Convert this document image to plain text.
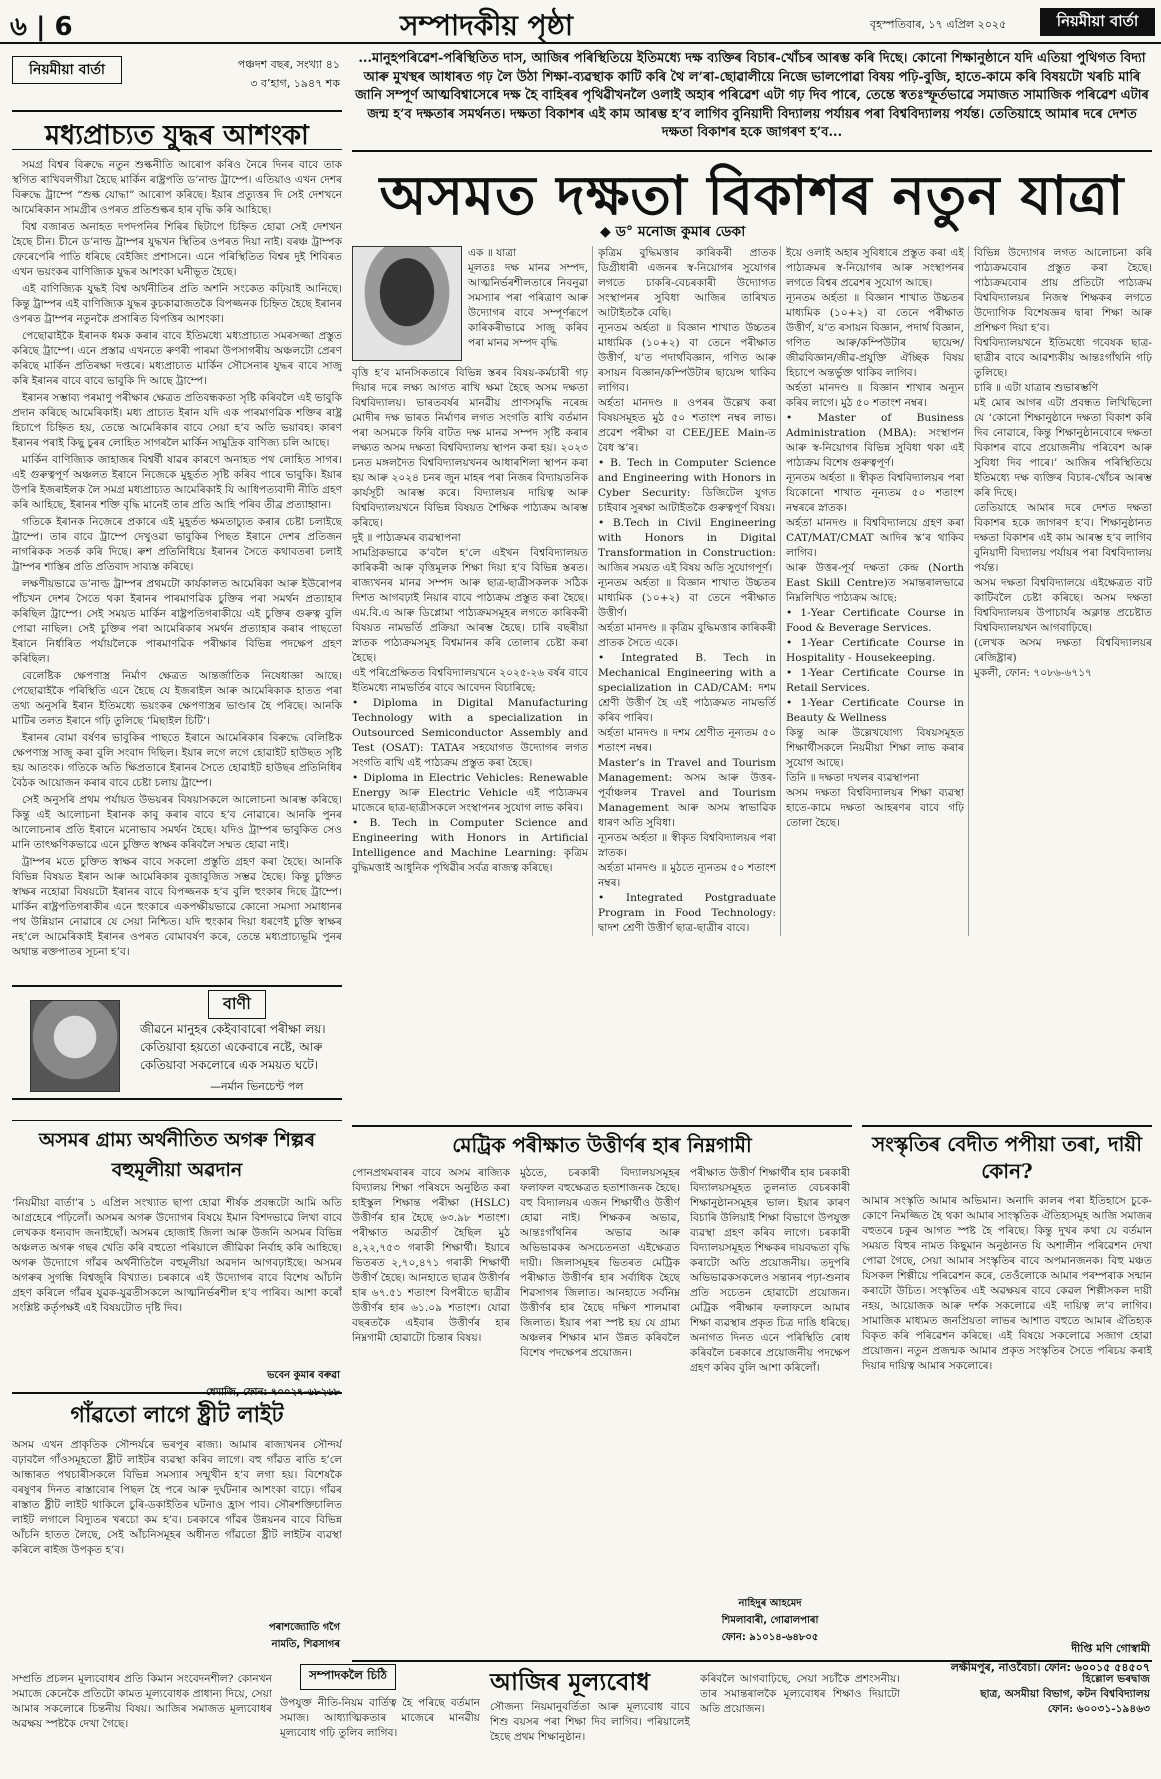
৬ | 6	সম্পাদকীয় পৃষ্ঠা	বৃহস্পতিবাৰ, ১৭ এপ্ৰিল ২০২৫	নিয়মীয়া বাৰ্তা
নিয়মীয়া বাৰ্তা	পঞ্চদশ বছৰ, সংখ্যা ৪১
৩ ব’হাগ, ১৯৪৭ শক
মধ্যপ্ৰাচ্যত যুদ্ধৰ আশংকা

সমগ্ৰ বিশ্বৰ বিৰুদ্ধে নতুন শুল্কনীতি আৰোপ কৰিও নৈৰে দিনৰ বাবে তাক স্থগিত ৰাখিবলগীয়া হৈছে মাৰ্কিন ৰাষ্ট্ৰপতি ড’নাল্ড ট্ৰাম্পে। এতিয়াও এখন দেশৰ বিৰুদ্ধে ট্ৰাম্পে “শুল্ক যোদ্ধা” আৰোপ কৰিছে। ইয়াৰ প্ৰত্যুত্তৰ দি সেই দেশখনে আমেৰিকান সামগ্ৰীৰ ওপৰত প্ৰতিশুল্কৰ হাৰ বৃদ্ধি কৰি আহিছে।

বিশ্ব বজাৰত অনাহত দপদপনিৰ শিৰিৰ ছিটাপে চিহ্নিত হোৱা সেই দেশখন হৈছে চীন। চীনে ড’নাল্ড ট্ৰাম্পৰ যুদ্ধখন স্থিতিৰ ওপৰত দিয়া নাই। বৰঞ্চ ট্ৰাম্পক ফেৰেপেৰি পাতি ধৰিছে বেইজিং প্ৰশাসনে। এনে পৰিস্থিতিত বিশ্বৰ দুই শিবিৰত এখন ভয়ংকৰ বাণিজ্যিক যুদ্ধৰ আশংকা ঘনীভূত হৈছে।

এই বাণিজ্যিক যুদ্ধই বিশ্ব অৰ্থনীতিৰ প্ৰতি অশনি সংকেত কঢ়িয়াই আনিছে। কিন্তু ট্ৰাম্পৰ এই বাণিজ্যিক যুদ্ধৰ কুচকাৱাজতকৈ বিপজ্জনক চিহ্নিত হৈছে ইৰানৰ ওপৰত ট্ৰাম্পৰ নতুনকৈ প্ৰসাৰিত বিপত্তিৰ আশংকা।

পেছোৱাইকৈ ইৰানক ধমক কৰাৰ বাবে ইতিমধ্যে মধ্যপ্ৰাচ্যত সমৰসজ্জা প্ৰস্তুত কৰিছে ট্ৰাম্পে। এনে প্ৰস্তাৱ এখনতে ৰুণৰী পাৰমা উপসাগৰীয় অঞ্চলটো প্ৰেৰণ কৰিছে মাৰ্কিন প্ৰতিৰক্ষা দপ্তৰে। মধ্যপ্ৰাচ্যত মাৰ্কিন সৌসেনাৰ যুদ্ধৰ বাবে সাজু কৰি ইৰানৰ বাবে বাবে ভাবুকি দি আছে ট্ৰাম্পে।

ইৰানৰ সম্ভাব্য পৰমাণু পৰীক্ষাৰ ক্ষেত্ৰত প্ৰতিবন্ধকতা সৃষ্টি কৰিবলৈ এই ভাবুকি প্ৰদান কৰিছে আমেৰিকাই। মধ্য প্ৰাচ্যত ইৰান যদি এক পাৰমাণৱিক শক্তিৰ ৰাষ্ট্ৰ হিচাপে চিহ্নিত হয়, তেন্তে আমেৰিকাৰ বাবে সেয়া হ’ব অতি ভয়াবহ। কাৰণ ইৰানৰ পৰাই কিছু চুৰৰ লোহিত সাগৰলৈ মাৰ্কিন সামুদ্ৰিক বাণিজ্য চলি আছে।

মাৰ্কিন বাণিজ্যিক জাহাজৰ বিশ্বৰ্ষী ষাৱৰ কাৰণে অনাহত পথ লোহিত সাগৰ। এই গুৰুত্বপূৰ্ণ অঞ্চলত ইৰানে নিজেকে মুহূৰ্তত সৃষ্টি কৰিব পাৰে ভাবুকি। ইয়াৰ উপৰি ইজৰাইলক লৈ সমগ্ৰ মধ্যপ্ৰাচ্যত আমেৰিকাই যি আধিপত্যবাদী নীতি গ্ৰহণ কৰি আহিছে, ইৰানৰ শক্তি বৃদ্ধি মানেই তাৰ প্ৰতি আহি পৰিব তীব্ৰ প্ৰত্যাহ্বান।

গতিকে ইৰানক নিজেৰে প্ৰকাৰে এই মুহূৰ্তত ক্ষমতাচ্যুত কৰাৰ চেষ্টা চলাইছে ট্ৰাম্পে। তাৰ বাবে ট্ৰাম্পে দেখুওৱা ভাবুকিৰ পিছত ইৰানে দেশৰ প্ৰতিজন নাগৰিকক সতৰ্ক কৰি দিছে। ৰুশ প্ৰতিনিধিয়ে ইৰানৰ সৈতে কথাবতৰা চলাই ট্ৰাম্পৰ শাস্তিৰ প্ৰতি প্ৰতিবাদ সাব্যস্ত কৰিছে।

লক্ষণীয়ভাৱে ড’নাল্ড ট্ৰাম্পৰ প্ৰথমটো কাৰ্যকালত আমেৰিকা আৰু ইউৰোপৰ পাঁচখন দেশৰ সৈতে থকা ইৰানৰ পাৰমাণৱিক চুক্তিৰ পৰা সমৰ্থন প্ৰত্যাহাৰ কৰিছিল ট্ৰাম্পে। সেই সময়ত মাৰ্কিন ৰাষ্ট্ৰপতিগৰাকীয়ে এই চুক্তিৰ গুৰুত্ব বুলি পোৱা নাছিল। সেই চুক্তিৰ পৰা আমেৰিকাৰ সমৰ্থন প্ৰত্যাহাৰ কৰাৰ পাছতো ইৰানে নিৰ্ধাৰিত পৰ্যায়লৈকে পাৰমাণৱিক পৰীক্ষাৰ বিভিন্ন পদক্ষেপ গ্ৰহণ কৰিছিল।

বেলেষ্টিক ক্ষেপণাস্ত্ৰ নিৰ্মাণ ক্ষেত্ৰত আন্তৰ্জাতিক নিষেধাজ্ঞা আছে। পেছোৱাইকৈ পৰিস্থিতি এনে হৈছে যে ইজৰাইল আৰু আমেৰিকাক হাতত পৰা তথ্য অনুসৰি ইৰান ইতিমধ্যে ভয়ংকৰ ক্ষেপণাস্ত্ৰৰ ভাণ্ডাৰ হৈ পৰিছে। আনকি মাটিৰ তলত ইৰানে গঢ়ি তুলিছে ‘মিছাইল চিটি’।

ইৰানৰ বোমা বৰ্ষণৰ ভাবুকিৰ পাছতে ইৰানে আমেৰিকাৰ বিৰুদ্ধে বেলিষ্টিক ক্ষেপণাস্ত্ৰ সাজু কৰা বুলি সংবাদ দিছিল। ইয়াৰ লগে লগে হোৱাইট হাউছত সৃষ্টি হয় আতংক। গতিকে অতি ক্ষিপ্ৰতাৰে ইৰানৰ সৈতে হোৱাইট হাউছৰ প্ৰতিনিধিৰ বৈঠক আয়োজন কৰাৰ বাবে চেষ্টা চলায় ট্ৰাম্পে।

সেই অনুসৰি প্ৰথম পৰ্যায়ত উভয়ৰৰ বিষয়াসকলে আলোচনা আৰম্ভ কৰিছে। কিন্তু এই আলোচনা ইৰানক কাবু কৰাৰ বাবে হ’ব নোৱাৰে। আনকি পুনৰ আলোচনাৰ প্ৰতি ইৰানে মনোভাব সমৰ্থন হৈছে। যদিও ট্ৰাম্পৰ ভাবুকিত সেও মানি তাৎক্ষণিকভাৱে এনে চুক্তিত স্বাক্ষৰ কৰিবলৈ সম্মত হোৱা নাই।

ট্ৰাম্পৰ মতে চুক্তিত স্বাক্ষৰ বাবে সকলো প্ৰস্তুতি গ্ৰহণ কৰা হৈছে। আনকি বিভিন্ন বিষয়ত ইৰান আৰু আমেৰিকাৰ বুজাবুজিত সম্ভৱ হৈছে। কিন্তু চুক্তিত স্বাক্ষৰ নহোৱা বিষয়টো ইৰানৰ বাবে বিপজ্জনক হ’ব বুলি হুংকাৰ দিছে ট্ৰাম্পে। মাৰ্কিন ৰাষ্ট্ৰপতিগৰাকীৰ এনে হুংকাৰে একপক্ষীয়ভাৱে কোনো সমস্যা সমাধানৰ পথ উন্নিয়ান নোৱাৰে যে সেয়া নিশ্চিত। যদি হুংকাৰ দিয়া ধৰণেই চুক্তি স্বাক্ষৰ নহ’লে আমেৰিকাই ইৰানৰ ওপৰত বোমাবৰ্ষণ কৰে, তেন্তে মধ্যপ্ৰাচ্যভূমি পুনৰ অথান্ত ৰক্তপাতৰ সূচনা হ’ব।

বাণী
জীৱনে মানুহৰ কেইবাবাৰো পৰীক্ষা লয়। কেতিয়াবা হয়তো একেবাৰে নষ্টে, আৰু কেতিয়াবা সকলোৰে এক সময়ত ঘটে।
—নৰ্মান ভিনচেণ্ট পল
...মানুহপৰিৱেশ-পৰিস্থিতিত দাস, আজিৰ পৰিস্থিতিয়ে ইতিমধ্যে দক্ষ ব্যক্তিৰ বিচাৰ-খোঁচৰ আৰম্ভ কৰি দিছে। কোনো শিক্ষানুষ্ঠানে যদি এতিয়া পুথিগত বিদ্যা আৰু মুখস্থৰ আধাৰত গঢ় লৈ উঠা শিক্ষা-ব্যৱস্থাক কাটি কৰি থৈ ল’ৰা-ছোৱালীয়ে নিজে ভালপোৱা বিষয় পঢ়ি-বুজি, হাতে-কামে কৰি বিষয়টো খৰচি মাৰি জানি সম্পূৰ্ণ আত্মবিশ্বাসেৰে দক্ষ হৈ বাহিৰৰ পৃথিৱীখনলৈ ওলাই অহাৰ পৰিৱেশ এটা গঢ় দিব পাৰে, তেন্তে স্বতঃস্ফূৰ্তভাৱে সমাজত সামাজিক পৰিৱেশ এটাৰ জন্ম হ’ব দক্ষতাৰ সমৰ্থনত। দক্ষতা বিকাশৰ এই কাম আৰম্ভ হ’ব লাগিব বুনিয়াদী বিদ্যালয় পৰ্যায়ৰ পৰা বিশ্ববিদ্যালয় পৰ্যন্ত। তেতিয়াহে আমাৰ দৰে দেশত দক্ষতা বিকাশৰ হকে জাগৰণ হ’ব...
অসমত দক্ষতা বিকাশৰ নতুন যাত্ৰা
◆ ড° মনোজ কুমাৰ ডেকা
এক ॥ যাত্ৰা
মূলতঃ দক্ষ মানৱ সম্পদ, আত্মনিৰ্ভৰশীলতাৰে নিবনুৱা সমস্যাৰ পৰা পৰিত্ৰাণ আৰু উদ্যোগৰ বাবে সম্পূৰ্ণৰূপে কাৰিকৰীভাৱে সাজু কৰিব পৰা মানৱ সম্পদ বৃদ্ধি
বৃত্তি হ’ব মানসিকতাৰে বিভিন্ন স্তৰৰ বিষয়-কৰ্মচাৰী গঢ় দিয়াৰ দৰে লক্ষ্য আগত ৰাখি ক্ষমা হৈছে অসম দক্ষতা বিশ্ববিদ্যালয়। ভাৰতবৰ্ষৰ মানৱীয় প্ৰাণসমৃদ্ধি নৰেন্দ্ৰ মোদীৰ দক্ষ ভাৰত নিৰ্মাণৰ লগত সংগতি ৰাখি বৰ্তমান পৰা অসমকে ফিৰি বাটত দক্ষ মানৱ সম্পদ সৃষ্টি কৰাৰ লক্ষ্যত অসম দক্ষতা বিশ্ববিদ্যালয় স্থাপন কৰা হয়। ২০২৩ চনত মঙ্গলদৈত বিশ্ববিদ্যালয়খনৰ আধাৰশিলা স্থাপন কৰা হয় আৰু ২০২৪ চনৰ জুন মাহৰ পৰা নিজৰ বিদ্যায়তনিক কাৰ্যসূচী আৰম্ভ কৰে। বিদ্যালয়ৰ দায়িত্ব আৰু বিশ্ববিদ্যালয়খনে বিভিন্ন বিষয়ত শৈক্ষিক পাঠ্যক্ৰম আৰম্ভ কৰিছে।
দুই ॥ পাঠ্যক্ৰমৰ ব্যৱস্থাপনা
সামগ্ৰিকভাৱে ক’বলৈ হ’লে এইখন বিশ্ববিদ্যালয়ত কাৰিকৰী আৰু বৃত্তিমূলক শিক্ষা দিয়া হ’ব বিভিন্ন স্তৰত। ৰাজ্যখনৰ মানৱ সম্পদ আৰু ছাত্ৰ-ছাত্ৰীসকলক সঠিক দিশত আগবঢ়াই নিয়াৰ বাবে পাঠ্যক্ৰম প্ৰস্তুত কৰা হৈছে। এম.বি.এ আৰু ডিপ্লোমা পাঠ্যক্ৰমসমূহৰ লগতে কাৰিকৰী বিষয়ত নামভৰ্তি প্ৰক্ৰিয়া আৰম্ভ হৈছে। চাৰি বছৰীয়া স্নাতক পাঠ্যক্ৰমসমূহ বিশ্বমানৰ কৰি তোলাৰ চেষ্টা কৰা হৈছে।
এই পৰিপ্ৰেক্ষিতত বিশ্ববিদ্যালয়খনে ২০২৫-২৬ বৰ্ষৰ বাবে ইতিমধ্যে নামভৰ্তিৰ বাবে আবেদন বিচাৰিছে:
• Diploma in Digital Manufacturing Technology with a specialization in Outsourced Semiconductor Assembly and Test (OSAT): TATAৰ সহযোগত উদ্যোগৰ লগত সংগতি ৰাখি এই পাঠ্যক্ৰম প্ৰস্তুত কৰা হৈছে।
• Diploma in Electric Vehicles: Renewable Energy আৰু Electric Vehicle এই পাঠ্যক্ৰমৰ মাজেৰে ছাত্ৰ-ছাত্ৰীসকলে সংস্থাপনৰ সুযোগ লাভ কৰিব।
• B. Tech in Computer Science and Engineering with Honors in Artificial Intelligence and Machine Learning: কৃত্ৰিম বুদ্ধিমত্তাই আধুনিক পৃথিৱীৰ সৰ্বত্ৰ ৰাজত্ব কৰিছে।
কৃত্ৰিম বুদ্ধিমত্তাৰ কাৰিকৰী প্ৰাতক ডিগ্ৰীধাৰী এজনৰ স্ব-নিয়োগৰ সুযোগৰ লগতে চাকৰি-বেচৰকাৰী উদ্যোগত সংস্থাপনৰ সুবিধা আজিৰ তাৰিখত আটাইতকৈ বেছি।
ন্যূনতম অৰ্হতা ॥ বিজ্ঞান শাখাত উচ্চতৰ মাধ্যমিক (১০+২) বা তেনে পৰীক্ষাত উত্তীৰ্ণ, য’ত পদাৰ্থবিজ্ঞান, গণিত আৰু ৰসায়ন বিজ্ঞান/কম্পিউটাৰ ছায়েন্স থাকিব লাগিব।
অৰ্হতা মানদণ্ড ॥ ওপৰৰ উল্লেখ কৰা বিষয়সমূহত মুঠ ৫০ শতাংশ নম্বৰ লাভ। প্ৰৱেশ পৰীক্ষা বা CEE/JEE Main-ত বৈধ স্ক’ৰ।
• B. Tech in Computer Science and Engineering with Honors in Cyber Security: ডিজিটেল যুগত চাইবাৰ সুৰক্ষা আটাইতকৈ গুৰুত্বপূৰ্ণ বিষয়।
• B.Tech in Civil Engineering with Honors in Digital Transformation in Construction: আজিৰ সময়ত এই বিষয় অতি সুযোগপূৰ্ণ।
ন্যূনতম অৰ্হতা ॥ বিজ্ঞান শাখাত উচ্চতৰ মাধ্যমিক (১০+২) বা তেনে পৰীক্ষাত উত্তীৰ্ণ।
অৰ্হতা মানদণ্ড ॥ কৃত্ৰিম বুদ্ধিমত্তাৰ কাৰিকৰী প্ৰাতক সৈতে একে।
• Integrated B. Tech in Mechanical Engineering with a specialization in CAD/CAM: দশম শ্ৰেণী উত্তীৰ্ণ হৈ এই পাঠ্যক্ৰমত নামভৰ্তি কৰিব পাৰিব।
অৰ্হতা মানদণ্ড ॥ দশম শ্ৰেণীত নূন্যতম ৫০ শতাংশ নম্বৰ।
Master’s in Travel and Tourism Management: অসম আৰু উত্তৰ-পূৰ্বাঞ্চলৰ Travel and Tourism Management আৰু অসম স্বাভাৱিক ধাৰণ অতি সুবিধা।
ন্যূনতম অৰ্হতা ॥ স্বীকৃত বিশ্ববিদ্যালয়ৰ পৰা স্নাতক।
অৰ্হতা মানদণ্ড ॥ মুঠতে ন্যূনতম ৫০ শতাংশ নম্বৰ।
• Integrated Postgraduate Program in Food Technology: দ্বাদশ শ্ৰেণী উত্তীৰ্ণ ছাত্ৰ-ছাত্ৰীৰ বাবে।
ইয়ে ওলাই অহাৰ সুবিধাৰে প্ৰস্তুত কৰা এই পাঠ্যক্ৰমৰ স্ব-নিয়োগৰ আৰু সংস্থাপনৰ লগতে বিশ্বৰ প্ৰৱেশৰ সুযোগ আছে।
ন্যূনতম অৰ্হতা ॥ বিজ্ঞান শাখাত উচ্চতৰ মাধ্যমিক (১০+২) বা তেনে পৰীক্ষাত উত্তীৰ্ণ, য’ত ৰসায়ন বিজ্ঞান, পদাৰ্থ বিজ্ঞান, গণিত আৰু/কম্পিউটাৰ ছায়েন্স/জীৱবিজ্ঞান/জীৱ-প্ৰযুক্তি ঐচ্ছিক বিষয় হিচাপে অন্তৰ্ভুক্ত থাকিব লাগিব।
অৰ্হতা মানদণ্ড ॥ বিজ্ঞান শাখাৰ অন্যূন কৰিব লাগে। মুঠ ৫০ শতাংশ নম্বৰ।
• Master of Business Administration (MBA): সংস্থাপন আৰু স্ব-নিয়োগৰ বিভিন্ন সুবিধা থকা এই পাঠ্যক্ৰম বিশেষ গুৰুত্বপূৰ্ণ।
ন্যূনতম অৰ্হতা ॥ স্বীকৃত বিশ্ববিদ্যালয়ৰ পৰা যিকোনো শাখাত নূন্যতম ৫০ শতাংশ নম্বৰৰে স্নাতক।
অৰ্হতা মানদণ্ড ॥ বিশ্ববিদ্যালয়ে গ্ৰহণ কৰা CAT/MAT/CMAT আদিৰ স্ক’ৰ থাকিব লাগিব।
আৰু উত্তৰ-পূৰ্ব দক্ষতা কেন্দ্ৰ (North East Skill Centre)ত সমান্তৰালভাৱে নিম্নলিখিত পাঠ্যক্ৰম আছে:
• 1-Year Certificate Course in Food & Beverage Services.
• 1-Year Certificate Course in Hospitality - Housekeeping.
• 1-Year Certificate Course in Retail Services.
• 1-Year Certificate Course in Beauty & Wellness
কিন্তু আৰু উল্লেখযোগ্য বিষয়সমূহত শিক্ষাৰ্থীসকলে নিয়মীয়া শিক্ষা লাভ কৰাৰ সুযোগ আছে।
তিনি ॥ দক্ষতা দখলৰ ব্যৱস্থাপনা
অসম দক্ষতা বিশ্ববিদ্যালয়ৰ শিক্ষা ব্যৱস্থা হাতে-কামে দক্ষতা আহৰণৰ বাবে গঢ়ি তোলা হৈছে।
বিভিন্ন উদ্যোগৰ লগত আলোচনা কৰি পাঠ্যক্ৰমবোৰ প্ৰস্তুত কৰা হৈছে। পাঠ্যক্ৰমবোৰ প্ৰায় প্ৰতিটো পাঠ্যক্ৰম বিশ্ববিদ্যালয়ৰ নিজস্ব শিক্ষকৰ লগতে উদ্যোগিক বিশেষজ্ঞৰ দ্বাৰা শিক্ষা আৰু প্ৰশিক্ষণ দিয়া হ’ব।
বিশ্ববিদ্যালয়খনে ইতিমধ্যে গবেষক ছাত্ৰ-ছাত্ৰীৰ বাবে আৱশ্যকীয় আন্তঃগাঁথনি গঢ়ি তুলিছে।
চাৰি ॥ এটা যাত্ৰাৰ শুভাৰম্ভণি
মই মোৰ আগৰ এটা প্ৰবন্ধত লিখিছিলো যে ‘কোনো শিক্ষানুষ্ঠানে দক্ষতা বিকাশ কৰি দিব নোৱাৰে, কিন্তু শিক্ষানুষ্ঠানবোৰে দক্ষতা বিকাশৰ বাবে প্ৰয়োজনীয় পৰিবেশ আৰু সুবিধা দিব পাৰে।’ আজিৰ পৰিস্থিতিয়ে ইতিমধ্যে দক্ষ ব্যক্তিৰ বিচাৰ-খোঁচৰ আৰম্ভ কৰি দিছে।
তেতিয়াহে আমাৰ দৰে দেশত দক্ষতা বিকাশৰ হকে জাগৰণ হ’ব। শিক্ষানুষ্ঠানত দক্ষতা বিকাশৰ এই কাম আৰম্ভ হ’ব লাগিব বুনিয়াদী বিদ্যালয় পৰ্যায়ৰ পৰা বিশ্ববিদ্যালয় পৰ্যন্ত।
অসম দক্ষতা বিশ্ববিদ্যালয়ে এইক্ষেত্ৰত বাট কাটিবলৈ চেষ্টা কৰিছে। অসম দক্ষতা বিশ্ববিদ্যালয়ৰ উপাচাৰ্যৰ অক্লান্ত প্ৰচেষ্টাত বিশ্ববিদ্যালয়খন আগবাঢ়িছে।
(লেখক অসম দক্ষতা বিশ্ববিদ্যালয়ৰ ৰেজিষ্ট্ৰাৰ)
মুকলী, ফোন: ৭০৮৬-৬৭১৭
অসমৰ গ্ৰাম্য অৰ্থনীতিত অগৰু শিল্পৰ বহুমূলীয়া অৱদান
‘নিয়মীয়া বাৰ্তা’ৰ ১ এপ্ৰিল সংখ্যাত ছাপা হোৱা শীৰ্ষক প্ৰবন্ধটো আমি অতি আগ্ৰহেৰে পঢ়িলোঁ। অসমৰ অগৰু উদ্যোগৰ বিষয়ে ইমান বিশদভাৱে লিখা বাবে লেখকক ধন্যবাদ জনাইছোঁ। অসমৰ হোজাই জিলা আৰু উজনি অসমৰ বিভিন্ন অঞ্চলত অগৰু গছৰ খেতি কৰি বহুতো পৰিয়ালে জীৱিকা নিৰ্বাহ কৰি আহিছে। অগৰু উদ্যোগে গাঁৱৰ অৰ্থনীতিলৈ বহুমূলীয়া অৱদান আগবঢ়াইছে। অসমৰ অগৰুৰ সুগন্ধি বিশ্বজুৰি বিখ্যাত। চৰকাৰে এই উদ্যোগৰ বাবে বিশেষ আঁচনি গ্ৰহণ কৰিলে গাঁৱৰ যুৱক-যুৱতীসকলে আত্মনিৰ্ভৰশীল হ’ব পাৰিব। আশা কৰোঁ সংশ্লিষ্ট কৰ্তৃপক্ষই এই বিষয়টোত দৃষ্টি দিব।
ভবেন কুমাৰ বৰুৱা
ধেমাজি, ফোন: ৭০০২৭-৬৮২৬৮
গাঁৱতো লাগে ষ্ট্ৰীট লাইট
অসম এখন প্ৰাকৃতিক সৌন্দৰ্যৰে ভৰপূৰ ৰাজ্য। আমাৰ ৰাজ্যখনৰ সৌন্দৰ্য বঢ়াবলৈ গাঁওসমূহতো ষ্ট্ৰীট লাইটৰ ব্যৱস্থা কৰিব লাগে। বহু গাঁৱত ৰাতি হ’লে আন্ধাৰত পথচাৰীসকলে বিভিন্ন সমস্যাৰ সন্মুখীন হ’ব লগা হয়। বিশেষকৈ বৰষুণৰ দিনত ৰাস্তাবোৰ পিছল হৈ পৰে আৰু দুৰ্ঘটনাৰ আশংকা বাঢ়ে। গাঁৱৰ ৰাস্তাত ষ্ট্ৰীট লাইট থাকিলে চুৰি-ডকাইতিৰ ঘটনাও হ্ৰাস পাব। সৌৰশক্তিচালিত লাইট লগালে বিদ্যুতৰ খৰচো কম হ’ব। চৰকাৰে গাঁৱৰ উন্নয়নৰ বাবে বিভিন্ন আঁচনি হাতত লৈছে, সেই আঁচনিসমূহৰ অধীনত গাঁৱতো ষ্ট্ৰীট লাইটৰ ব্যৱস্থা কৰিলে ৰাইজ উপকৃত হ’ব।
পৰাশজ্যোতি গগৈ
নামতি, শিৱসাগৰ
মেট্ৰিক পৰীক্ষাত উত্তীৰ্ণৰ হাৰ নিম্নগামী
পোনপ্ৰথমবাৰৰ বাবে অসম ৰাজ্যিক বিদ্যালয় শিক্ষা পৰিষদে অনুষ্ঠিত কৰা হাইস্কুল শিক্ষান্ত পৰীক্ষা (HSLC) উত্তীৰ্ণৰ হাৰ হৈছে ৬৩.৯৮ শতাংশ। পৰীক্ষাত অৱতীৰ্ণ হৈছিল মুঠ ৪,২২,৭৫৩ গৰাকী শিক্ষাৰ্থী। ইয়াৰে ভিতৰত ২,৭০,৪৭১ গৰাকী শিক্ষাৰ্থী উত্তীৰ্ণ হৈছে। আনহাতে ছাত্ৰৰ উত্তীৰ্ণৰ হাৰ ৬৭.৫১ শতাংশ বিপৰীতে ছাত্ৰীৰ উত্তীৰ্ণৰ হাৰ ৬১.০৯ শতাংশ। যোৱা বছৰতকৈ এইবাৰ উত্তীৰ্ণৰ হাৰ নিম্নগামী হোৱাটো চিন্তাৰ বিষয়।
মুঠতে, চৰকাৰী বিদ্যালয়সমূহৰ ফলাফল বহুক্ষেত্ৰত হতাশাজনক হৈছে। বহু বিদ্যালয়ৰ এজন শিক্ষাৰ্থীও উত্তীৰ্ণ হোৱা নাই। শিক্ষকৰ অভাৱ, আন্তঃগাঁথনিৰ অভাৱ আৰু অভিভাৱকৰ অসচেতনতা এইক্ষেত্ৰত দায়ী। জিলাসমূহৰ ভিতৰত মেট্ৰিক পৰীক্ষাত উত্তীৰ্ণৰ হাৰ সৰ্বাধিক হৈছে শিৱসাগৰ জিলাত। আনহাতে সৰ্বনিম্ন উত্তীৰ্ণৰ হাৰ হৈছে দক্ষিণ শালমাৰা জিলাত। ইয়াৰ পৰা স্পষ্ট হয় যে গ্ৰাম্য অঞ্চলৰ শিক্ষাৰ মান উন্নত কৰিবলৈ বিশেষ পদক্ষেপৰ প্ৰয়োজন।
পৰীক্ষাত উত্তীৰ্ণ শিক্ষাৰ্থীৰ হাৰ চৰকাৰী বিদ্যালয়সমূহত তুলনাত বেচৰকাৰী শিক্ষানুষ্ঠানসমূহৰ ভাল। ইয়াৰ কাৰণ বিচাৰি উলিয়াই শিক্ষা বিভাগে উপযুক্ত ব্যৱস্থা গ্ৰহণ কৰিব লাগে। চৰকাৰী বিদ্যালয়সমূহত শিক্ষকৰ দায়বদ্ধতা বৃদ্ধি কৰাটো অতি প্ৰয়োজনীয়। তদুপৰি অভিভাৱকসকলেও সন্তানৰ পঢ়া-শুনাৰ প্ৰতি সচেতন হোৱাটো প্ৰয়োজন। মেট্ৰিক পৰীক্ষাৰ ফলাফলে আমাৰ শিক্ষা ব্যৱস্থাৰ প্ৰকৃত চিত্ৰ দাঙি ধৰিছে। অনাগত দিনত এনে পৰিস্থিতি ৰোধ কৰিবলৈ চৰকাৰে প্ৰয়োজনীয় পদক্ষেপ গ্ৰহণ কৰিব বুলি আশা কৰিলোঁ।
নাহিদুৰ আহমেদ
শিমলাবাৰী, গোৱালপাৰা
ফোন: ৯১০১৪-৬৪৮০৫
সংস্কৃতিৰ বেদীত পপীয়া তৰা, দায়ী কোন?
আমাৰ সংস্কৃতি আমাৰ অভিমান। অনাদি কালৰ পৰা ইতিহাসে চুকে-কোণে নিমজ্জিত হৈ থকা আমাৰ সাংস্কৃতিক ঐতিহ্যসমূহ আজি সমাজৰ বহুতৰে চকুৰ আগত স্পষ্ট হৈ পৰিছে। কিন্তু দুখৰ কথা যে বৰ্তমান সময়ত বিহুৰ নামত কিছুমান অনুষ্ঠানত যি অশালীন পৰিৱেশন দেখা পোৱা গৈছে, সেয়া আমাৰ সংস্কৃতিৰ বাবে অপমানজনক। বিহু মঞ্চত যিসকল শিল্পীয়ে পৰিৱেশন কৰে, তেওঁলোকে আমাৰ পৰম্পৰাক সন্মান কৰাটো উচিত। সংস্কৃতিৰ এই অৱক্ষয়ৰ বাবে কেৱল শিল্পীসকল দায়ী নহয়, আয়োজক আৰু দৰ্শক সকলোৱে এই দায়িত্ব ল’ব লাগিব। সামাজিক মাধ্যমত জনপ্ৰিয়তা লাভৰ আশাত বহুতে আমাৰ ঐতিহ্যক বিকৃত কৰি পৰিৱেশন কৰিছে। এই বিষয়ে সকলোৱে সজাগ হোৱা প্ৰয়োজন। নতুন প্ৰজন্মক আমাৰ প্ৰকৃত সংস্কৃতিৰ সৈতে পৰিচয় কৰাই দিয়াৰ দায়িত্ব আমাৰ সকলোৰে।
দীপ্তি মণি গোস্বামী
লক্ষীমপুৰ, নাওবৈচা। ফোন: ৬০০১৫ ৫৪৫০৭
সম্পাদকলৈ চিঠি	আজিৰ মূল্যবোধ
সম্প্ৰতি প্ৰচলন মূল্যবোধৰ প্ৰতি কিমান সংবেদনশীল? কোনখন সমাজে কেনেকৈ প্ৰতিটো কামত মূল্যবোধক প্ৰাধান্য দিয়ে, সেয়া আমাৰ সকলোৰে চিন্তনীয় বিষয়। আজিৰ সমাজত মূল্যবোধৰ অৱক্ষয় স্পষ্টকৈ দেখা গৈছে।
উপযুক্ত নীতি-নিয়ম বাৰ্তিত্ব হৈ পৰিছে বৰ্তমান সমাজ। আধ্যাত্মিকতাৰ মাজেৰে মানৱীয় মূল্যবোধ গঢ়ি তুলিব লাগিব।
সৌজন্য নিয়মানুবৰ্তিতা আৰু মূল্যবোধ বাবে শিশু বয়সৰ পৰা শিক্ষা দিব লাগিব। পৰিয়ালেই হৈছে প্ৰথম শিক্ষানুষ্ঠান।
কৰিবলৈ আগবাঢ়িছে, সেয়া সচাঁকৈ প্ৰশংসনীয়। তাৰ সমান্তৰালকৈ মূল্যবোধৰ শিক্ষাও দিয়াটো অতি প্ৰয়োজন।
হিল্লোল ভৰদ্বাজ
ছাত্ৰ, অসমীয়া বিভাগ, কটন বিশ্ববিদ্যালয়
ফোন: ৬০০৩১-১৯৪৬৩
